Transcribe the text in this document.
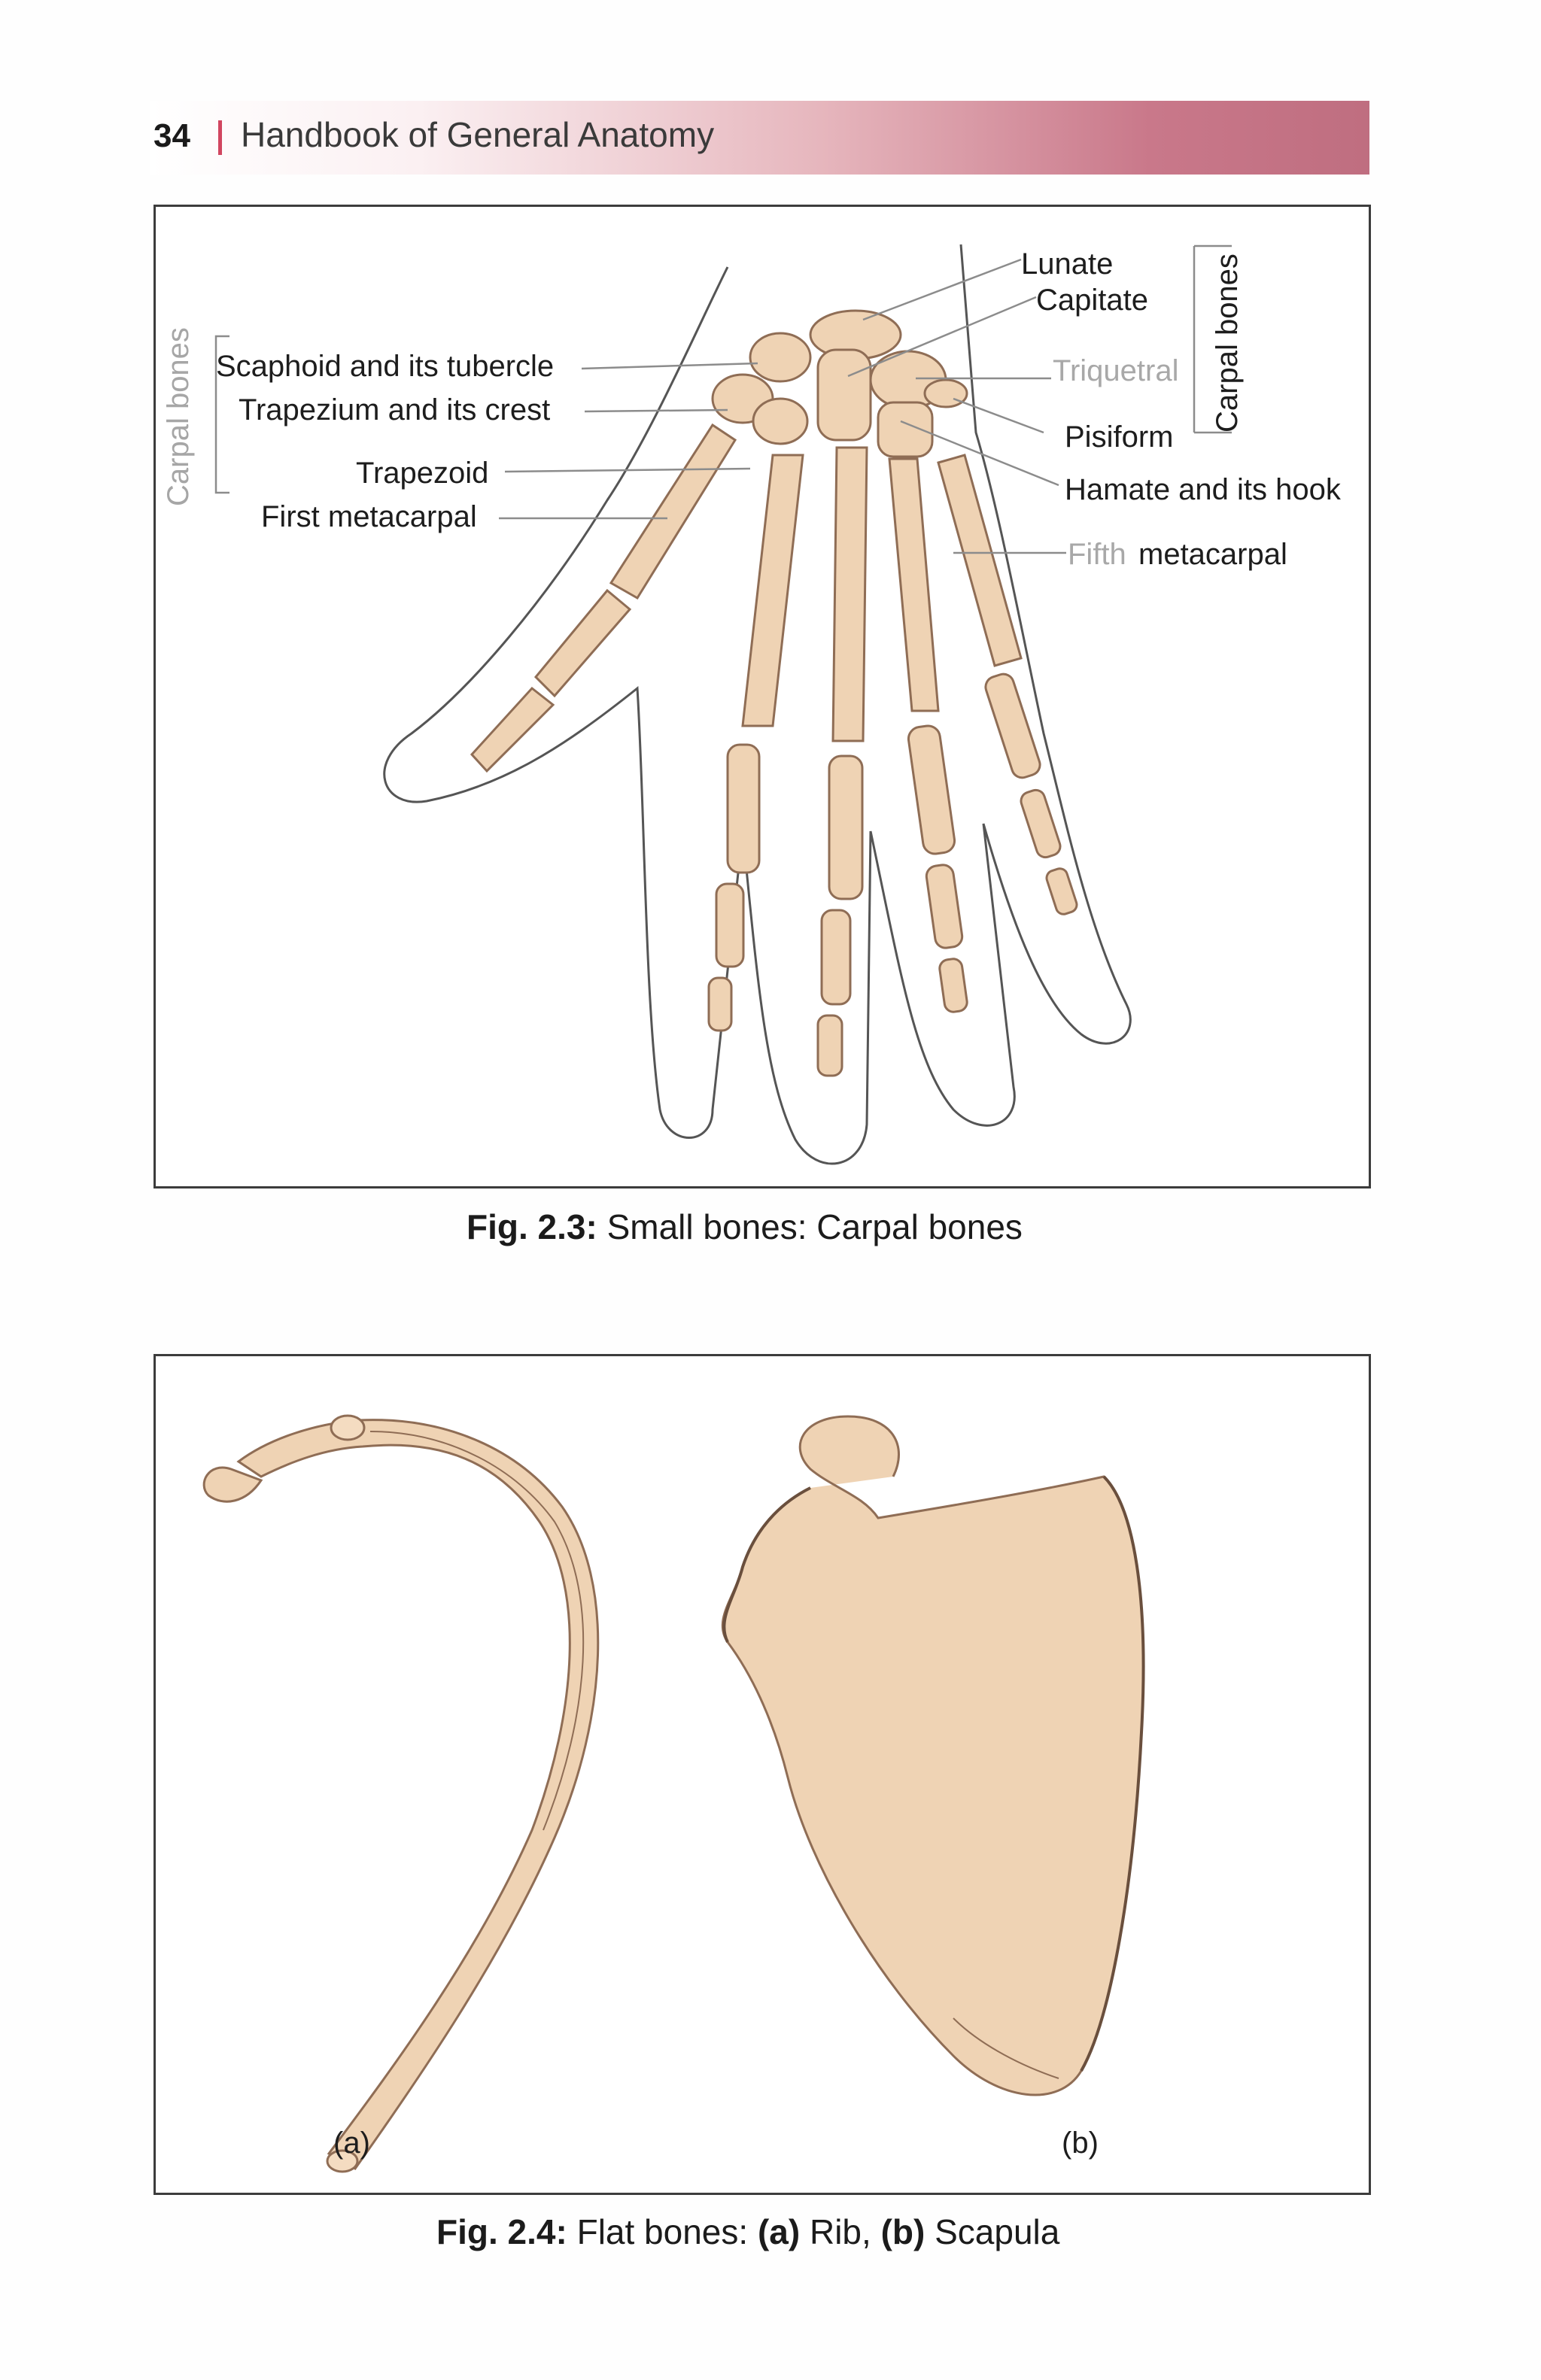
34 Handbook of General Anatomy
Carpal bones	Carpal bones
Scaphoid and its tubercle
Trapezium and its crest
Trapezoid
First metacarpal
Lunate
Capitate
Triquetral
Pisiform
Hamate and its hook
Fifth metacarpal
Fig. 2.3: Small bones: Carpal bones
(a)	(b)
Fig. 2.4: Flat bones: (a) Rib, (b) Scapula
